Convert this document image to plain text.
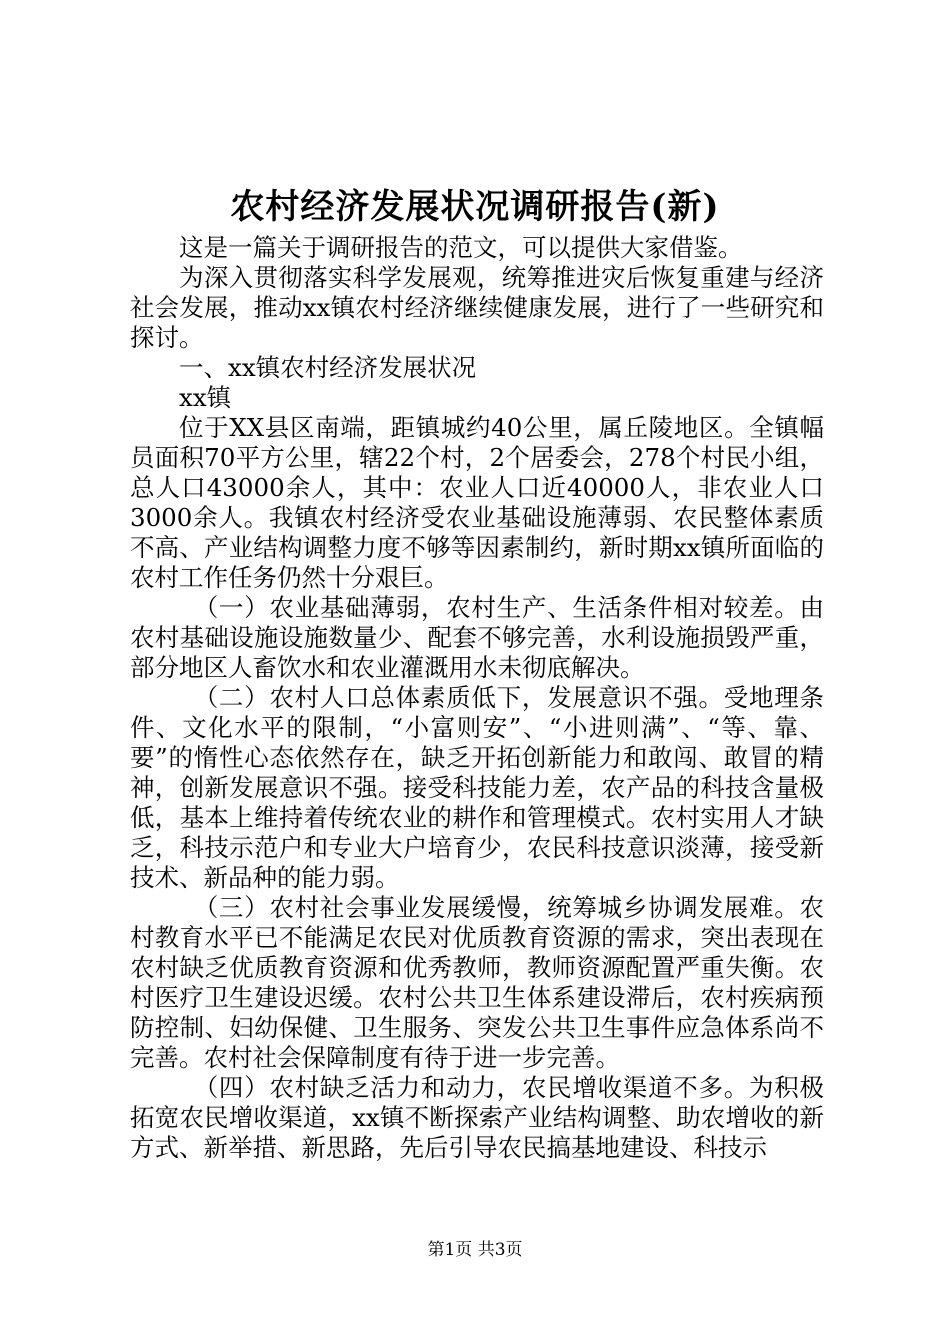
农村经济发展状况调研报告(新)

这是一篇关于调研报告的范文，可以提供大家借鉴。

为深入贯彻落实科学发展观，统筹推进灾后恢复重建与经济社会发展，推动xx镇农村经济继续健康发展，进行了一些研究和探讨。

一、xx镇农村经济发展状况

xx镇

位于XX县区南端，距镇城约40公里，属丘陵地区。全镇幅员面积70平方公里，辖22个村，2个居委会，278个村民小组，总人口43000余人，其中：农业人口近40000人，非农业人口3000余人。我镇农村经济受农业基础设施薄弱、农民整体素质不高、产业结构调整力度不够等因素制约，新时期xx镇所面临的农村工作任务仍然十分艰巨。

（一）农业基础薄弱，农村生产、生活条件相对较差。由农村基础设施设施数量少、配套不够完善，水利设施损毁严重，部分地区人畜饮水和农业灌溉用水未彻底解决。

（二）农村人口总体素质低下，发展意识不强。受地理条件、文化水平的限制，“小富则安”、“小进则满”、“等、靠、要”的惰性心态依然存在，缺乏开拓创新能力和敢闯、敢冒的精神，创新发展意识不强。接受科技能力差，农产品的科技含量极低，基本上维持着传统农业的耕作和管理模式。农村实用人才缺乏，科技示范户和专业大户培育少，农民科技意识淡薄，接受新技术、新品种的能力弱。

（三）农村社会事业发展缓慢，统筹城乡协调发展难。农村教育水平已不能满足农民对优质教育资源的需求，突出表现在农村缺乏优质教育资源和优秀教师，教师资源配置严重失衡。农村医疗卫生建设迟缓。农村公共卫生体系建设滞后，农村疾病预防控制、妇幼保健、卫生服务、突发公共卫生事件应急体系尚不完善。农村社会保障制度有待于进一步完善。

（四）农村缺乏活力和动力，农民增收渠道不多。为积极拓宽农民增收渠道，xx镇不断探索产业结构调整、助农增收的新方式、新举措、新思路，先后引导农民搞基地建设、科技示

第1页 共3页
